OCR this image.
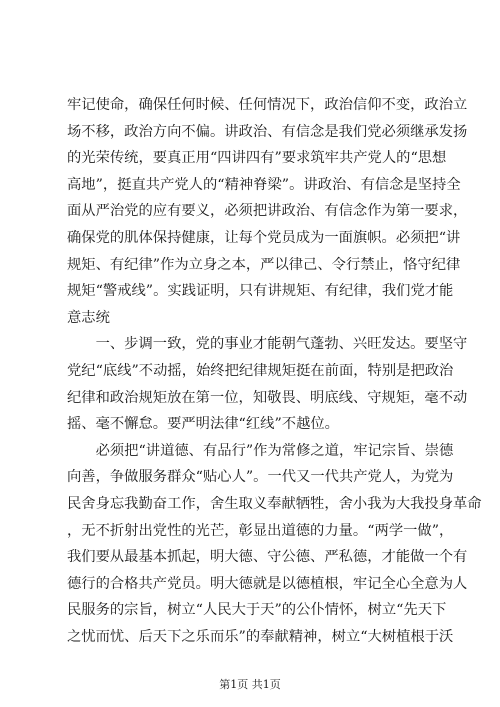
牢记使命，确保任何时候、任何情况下，政治信仰不变，政治立
场不移，政治方向不偏。讲政治、有信念是我们党必须继承发扬
的光荣传统，要真正用“四讲四有”要求筑牢共产党人的“思想
高地”，挺直共产党人的“精神脊梁”。讲政治、有信念是坚持全
面从严治党的应有要义，必须把讲政治、有信念作为第一要求，
确保党的肌体保持健康，让每个党员成为一面旗帜。必须把“讲
规矩、有纪律”作为立身之本，严以律己、令行禁止，恪守纪律
规矩“警戒线”。实践证明，只有讲规矩、有纪律，我们党才能
意志统

　　一、步调一致，党的事业才能朝气蓬勃、兴旺发达。要坚守
党纪“底线”不动摇，始终把纪律规矩挺在前面，特别是把政治
纪律和政治规矩放在第一位，知敬畏、明底线、守规矩，毫不动
摇、毫不懈怠。要严明法律“红线”不越位。

　　必须把“讲道德、有品行”作为常修之道，牢记宗旨、崇德
向善，争做服务群众“贴心人”。一代又一代共产党人，为党为
民舍身忘我勤奋工作，舍生取义奉献牺牲，舍小我为大我投身革命
，无不折射出党性的光芒，彰显出道德的力量。“两学一做”，
我们要从最基本抓起，明大德、守公德、严私德，才能做一个有
德行的合格共产党员。明大德就是以德植根，牢记全心全意为人
民服务的宗旨，树立“人民大于天”的公仆情怀，树立“先天下
之忧而忧、后天下之乐而乐”的奉献精神，树立“大树植根于沃

第1页 共1页
